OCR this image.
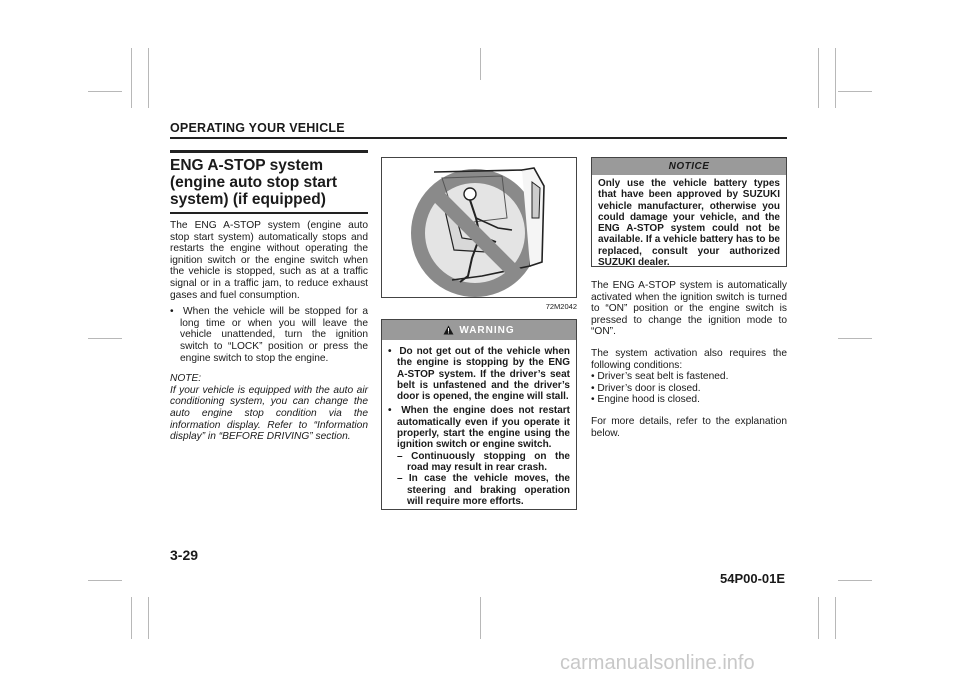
OPERATING YOUR VEHICLE
ENG A-STOP system (engine auto stop start system) (if equipped)
The ENG A-STOP system (engine auto stop start system) automatically stops and restarts the engine without operating the ignition switch or the engine switch when the vehicle is stopped, such as at a traffic signal or in a traffic jam, to reduce exhaust gases and fuel consumption.
•  When the vehicle will be stopped for a long time or when you will leave the vehicle unattended, turn the ignition switch to “LOCK” position or press the engine switch to stop the engine.
NOTE:
If your vehicle is equipped with the auto air conditioning system, you can change the auto engine stop condition via the information display. Refer to “Information display” in “BEFORE DRIVING” section.
72M2042
WARNING
•  Do not get out of the vehicle when the engine is stopping by the ENG A-STOP system. If the driver’s seat belt is unfastened and the driver’s door is opened, the engine will stall.
•  When the engine does not restart automatically even if you operate it properly, start the engine using the ignition switch or engine switch.
– Continuously stopping on the road may result in rear crash.
– In case the vehicle moves, the steering and braking operation will require more efforts.
NOTICE
Only use the vehicle battery types that have been approved by SUZUKI vehicle manufacturer, otherwise you could damage your vehicle, and the ENG A-STOP system could not be available. If a vehicle battery has to be replaced, consult your authorized SUZUKI dealer.
The ENG A-STOP system is automatically activated when the ignition switch is turned to “ON” position or the engine switch is pressed to change the ignition mode to “ON”.
The system activation also requires the following conditions:
• Driver’s seat belt is fastened.
• Driver’s door is closed.
• Engine hood is closed.
For more details, refer to the explanation below.
3-29
54P00-01E
carmanualsonline.info
